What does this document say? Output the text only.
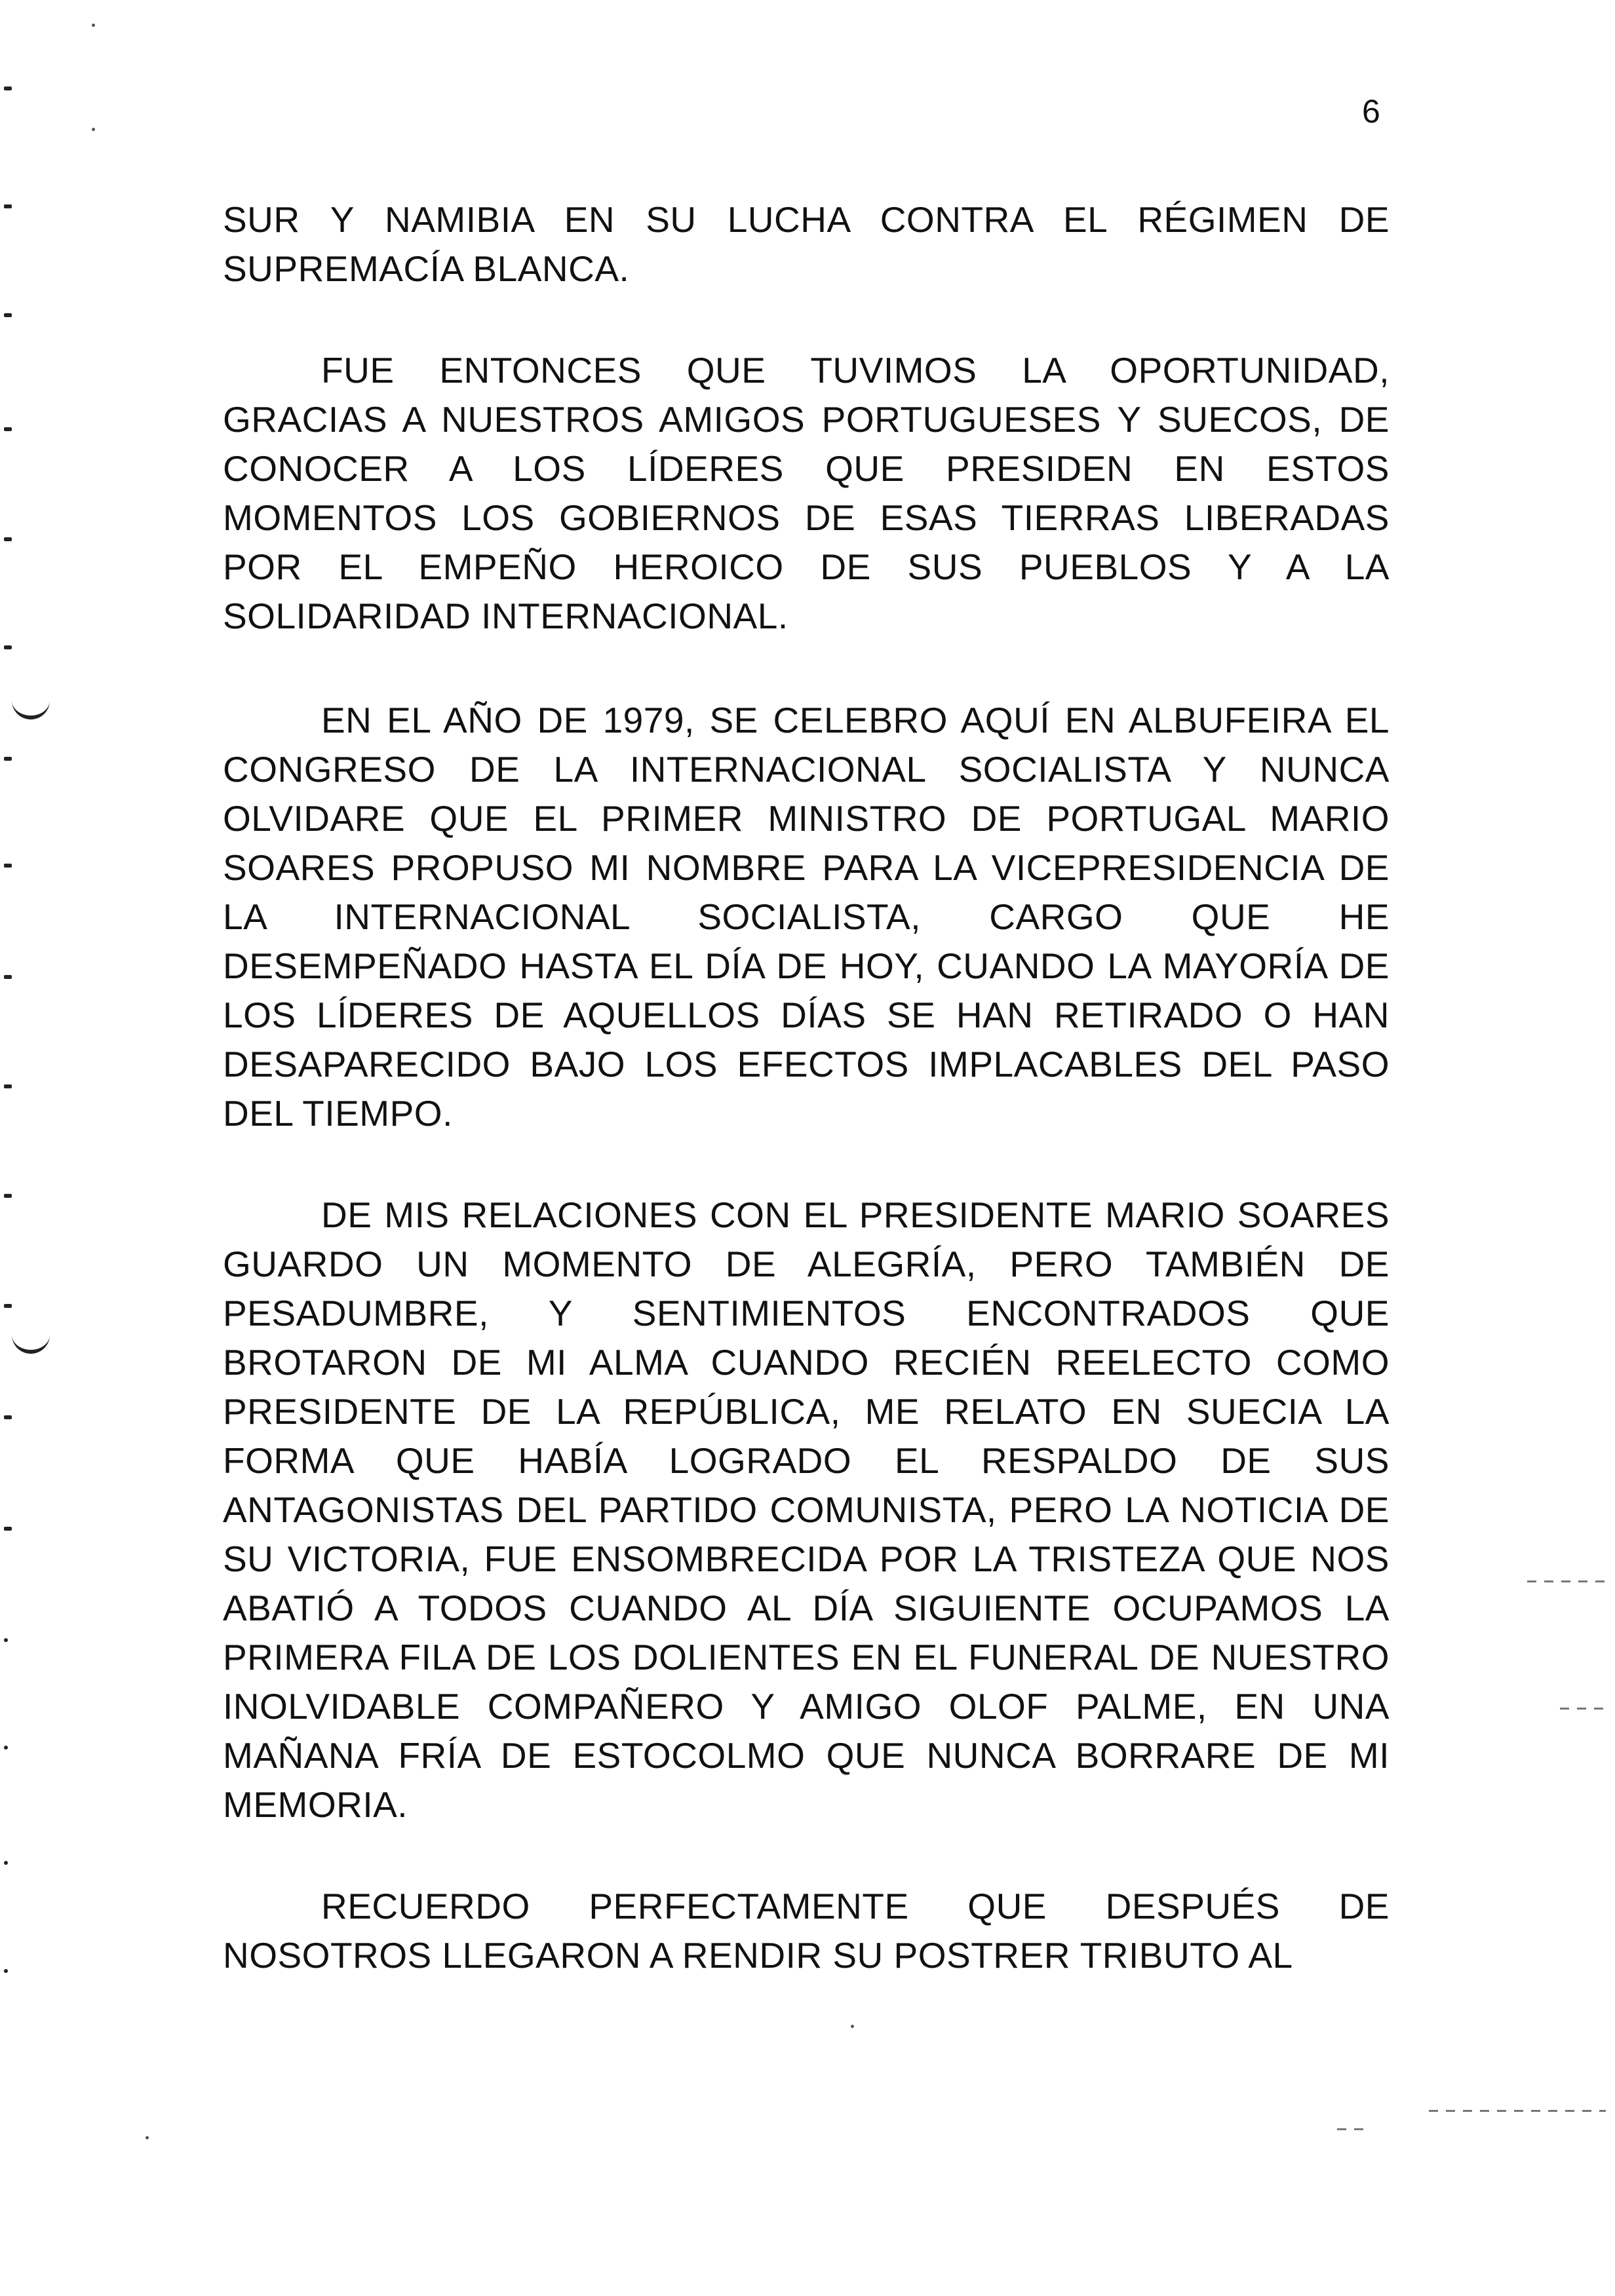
6

SUR Y NAMIBIA EN SU LUCHA CONTRA EL RÉGIMEN DE SUPREMACÍA BLANCA.

FUE ENTONCES QUE TUVIMOS LA OPORTUNIDAD, GRACIAS A NUESTROS AMIGOS PORTUGUESES Y SUECOS, DE CONOCER A LOS LÍDERES QUE PRESIDEN EN ESTOS MOMENTOS LOS GOBIERNOS DE ESAS TIERRAS LIBERADAS POR EL EMPEÑO HEROICO DE SUS PUEBLOS Y A LA SOLIDARIDAD INTERNACIONAL.

EN EL AÑO DE 1979, SE CELEBRO AQUÍ EN ALBUFEIRA EL CONGRESO DE LA INTERNACIONAL SOCIALISTA Y NUNCA OLVIDARE QUE EL PRIMER MINISTRO DE PORTUGAL MARIO SOARES PROPUSO MI NOMBRE PARA LA VICEPRESIDENCIA DE LA INTERNACIONAL SOCIALISTA, CARGO QUE HE DESEMPEÑADO HASTA EL DÍA DE HOY, CUANDO LA MAYORÍA DE LOS LÍDERES DE AQUELLOS DÍAS SE HAN RETIRADO O HAN DESAPARECIDO BAJO LOS EFECTOS IMPLACABLES DEL PASO DEL TIEMPO.

DE MIS RELACIONES CON EL PRESIDENTE MARIO SOARES GUARDO UN MOMENTO DE ALEGRÍA, PERO TAMBIÉN DE PESADUMBRE, Y SENTIMIENTOS ENCONTRADOS QUE BROTARON DE MI ALMA CUANDO RECIÉN REELECTO COMO PRESIDENTE DE LA REPÚBLICA, ME RELATO EN SUECIA LA FORMA QUE HABÍA LOGRADO EL RESPALDO DE SUS ANTAGONISTAS DEL PARTIDO COMUNISTA, PERO LA NOTICIA DE SU VICTORIA, FUE ENSOMBRECIDA POR LA TRISTEZA QUE NOS ABATIÓ A TODOS CUANDO AL DÍA SIGUIENTE OCUPAMOS LA PRIMERA FILA DE LOS DOLIENTES EN EL FUNERAL DE NUESTRO INOLVIDABLE COMPAÑERO Y AMIGO OLOF PALME, EN UNA MAÑANA FRÍA DE ESTOCOLMO QUE NUNCA BORRARE DE MI MEMORIA.

RECUERDO PERFECTAMENTE QUE DESPUÉS DE NOSOTROS LLEGARON A RENDIR SU POSTRER TRIBUTO AL
